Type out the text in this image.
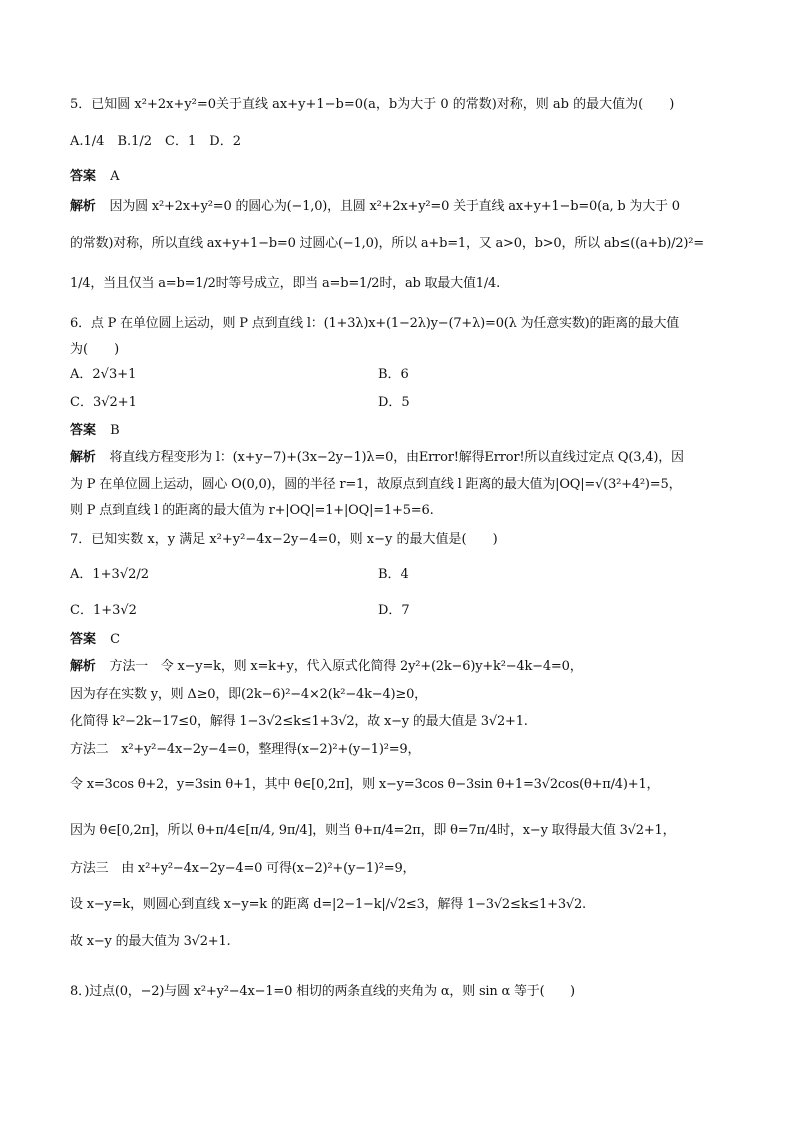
5．已知圆 x²+2x+y²=0关于直线 ax+y+1−b=0(a，b为大于 0 的常数)对称，则 ab 的最大值为(　　)
A.1/4　B.1/2　C．1　D．2
答案 A
解析 因为圆 x²+2x+y²=0 的圆心为(−1,0)，且圆 x²+2x+y²=0 关于直线 ax+y+1−b=0(a, b 为大于 0
的常数)对称，所以直线 ax+y+1−b=0 过圆心(−1,0)，所以 a+b=1，又 a>0，b>0，所以 ab≤((a+b)/2)²=
1/4，当且仅当 a=b=1/2时等号成立，即当 a=b=1/2时，ab 取最大值1/4.
6．点 P 在单位圆上运动，则 P 点到直线 l：(1+3λ)x+(1−2λ)y−(7+λ)=0(λ 为任意实数)的距离的最大值
为(　　)
A．2√3+1	B．6
C．3√2+1	D．5
答案 B
解析 将直线方程变形为 l：(x+y−7)+(3x−2y−1)λ=0，由Error!解得Error!所以直线过定点 Q(3,4)，因
为 P 在单位圆上运动，圆心 O(0,0)，圆的半径 r=1，故原点到直线 l 距离的最大值为|OQ|=√(3²+4²)=5，
则 P 点到直线 l 的距离的最大值为 r+|OQ|=1+|OQ|=1+5=6.
7．已知实数 x，y 满足 x²+y²−4x−2y−4=0，则 x−y 的最大值是(　　)
A．1+3√2/2	B．4
C．1+3√2	D．7
答案 C
解析 方法一　令 x−y=k，则 x=k+y，代入原式化简得 2y²+(2k−6)y+k²−4k−4=0，
因为存在实数 y，则 Δ≥0，即(2k−6)²−4×2(k²−4k−4)≥0，
化简得 k²−2k−17≤0，解得 1−3√2≤k≤1+3√2，故 x−y 的最大值是 3√2+1.
方法二　x²+y²−4x−2y−4=0，整理得(x−2)²+(y−1)²=9，
令 x=3cos θ+2，y=3sin θ+1，其中 θ∈[0,2π]，则 x−y=3cos θ−3sin θ+1=3√2cos(θ+π/4)+1，
因为 θ∈[0,2π]，所以 θ+π/4∈[π/4, 9π/4]，则当 θ+π/4=2π，即 θ=7π/4时，x−y 取得最大值 3√2+1，
方法三　由 x²+y²−4x−2y−4=0 可得(x−2)²+(y−1)²=9，
设 x−y=k，则圆心到直线 x−y=k 的距离 d=|2−1−k|/√2≤3，解得 1−3√2≤k≤1+3√2.
故 x−y 的最大值为 3√2+1.
8．)过点(0，−2)与圆 x²+y²−4x−1=0 相切的两条直线的夹角为 α，则 sin α 等于(　　)
